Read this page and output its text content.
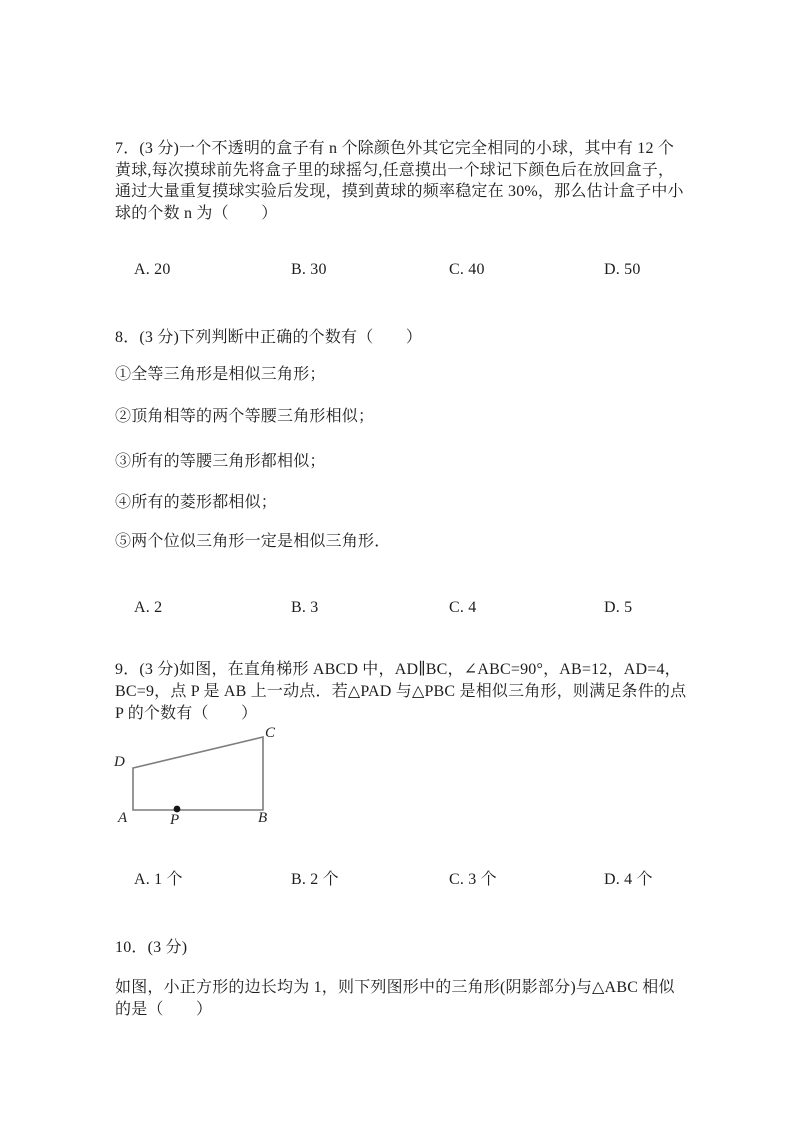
7．(3 分)一个不透明的盒子有 n 个除颜色外其它完全相同的小球，其中有 12 个
黄球,每次摸球前先将盒子里的球摇匀,任意摸出一个球记下颜色后在放回盒子，
通过大量重复摸球实验后发现，摸到黄球的频率稳定在 30%，那么估计盒子中小
球的个数 n 为（　　）
A. 20	B. 30	C. 40	D. 50
8．(3 分)下列判断中正确的个数有（　　）
①全等三角形是相似三角形；
②顶角相等的两个等腰三角形相似；
③所有的等腰三角形都相似；
④所有的菱形都相似；
⑤两个位似三角形一定是相似三角形．
A. 2	B. 3	C. 4	D. 5
9．(3 分)如图，在直角梯形 ABCD 中，AD∥BC，∠ABC=90°，AB=12，AD=4，
BC=9，点 P 是 AB 上一动点．若△PAD 与△PBC 是相似三角形，则满足条件的点
P 的个数有（　　）
D
C
A	P	B
A. 1 个	B. 2 个	C. 3 个	D. 4 个
10．(3 分)
如图，小正方形的边长均为 1，则下列图形中的三角形(阴影部分)与△ABC 相似
的是（　　）
